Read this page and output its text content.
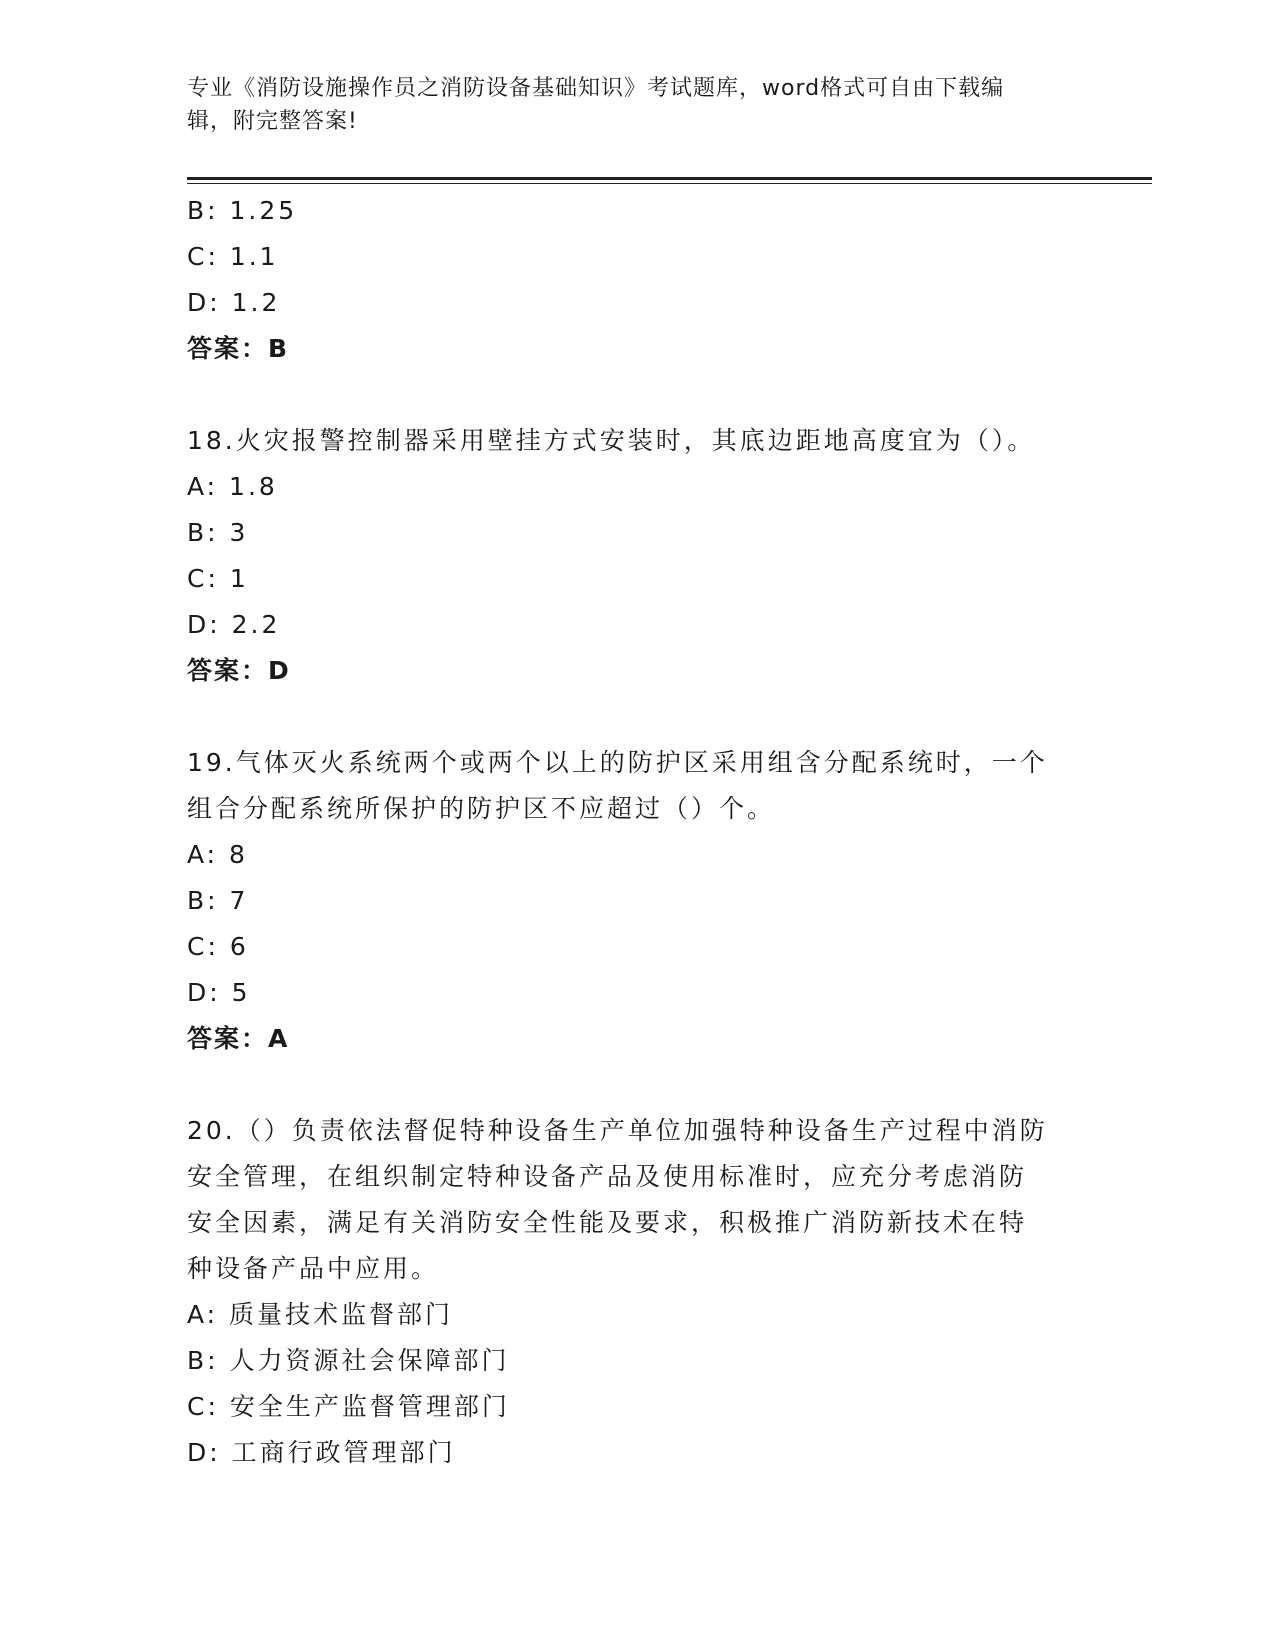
专业《消防设施操作员之消防设备基础知识》考试题库，word格式可自由下载编
辑，附完整答案!
B: 1.25
C: 1.1
D: 1.2
答案：B
18.火灾报警控制器采用壁挂方式安装时，其底边距地高度宜为（）。
A: 1.8
B: 3
C: 1
D: 2.2
答案：D
19.气体灭火系统两个或两个以上的防护区采用组含分配系统时，一个
组合分配系统所保护的防护区不应超过（）个。
A: 8
B: 7
C: 6
D: 5
答案：A
20.（）负责依法督促特种设备生产单位加强特种设备生产过程中消防
安全管理，在组织制定特种设备产品及使用标准时，应充分考虑消防
安全因素，满足有关消防安全性能及要求，积极推广消防新技术在特
种设备产品中应用。
A: 质量技术监督部门
B: 人力资源社会保障部门
C: 安全生产监督管理部门
D: 工商行政管理部门
